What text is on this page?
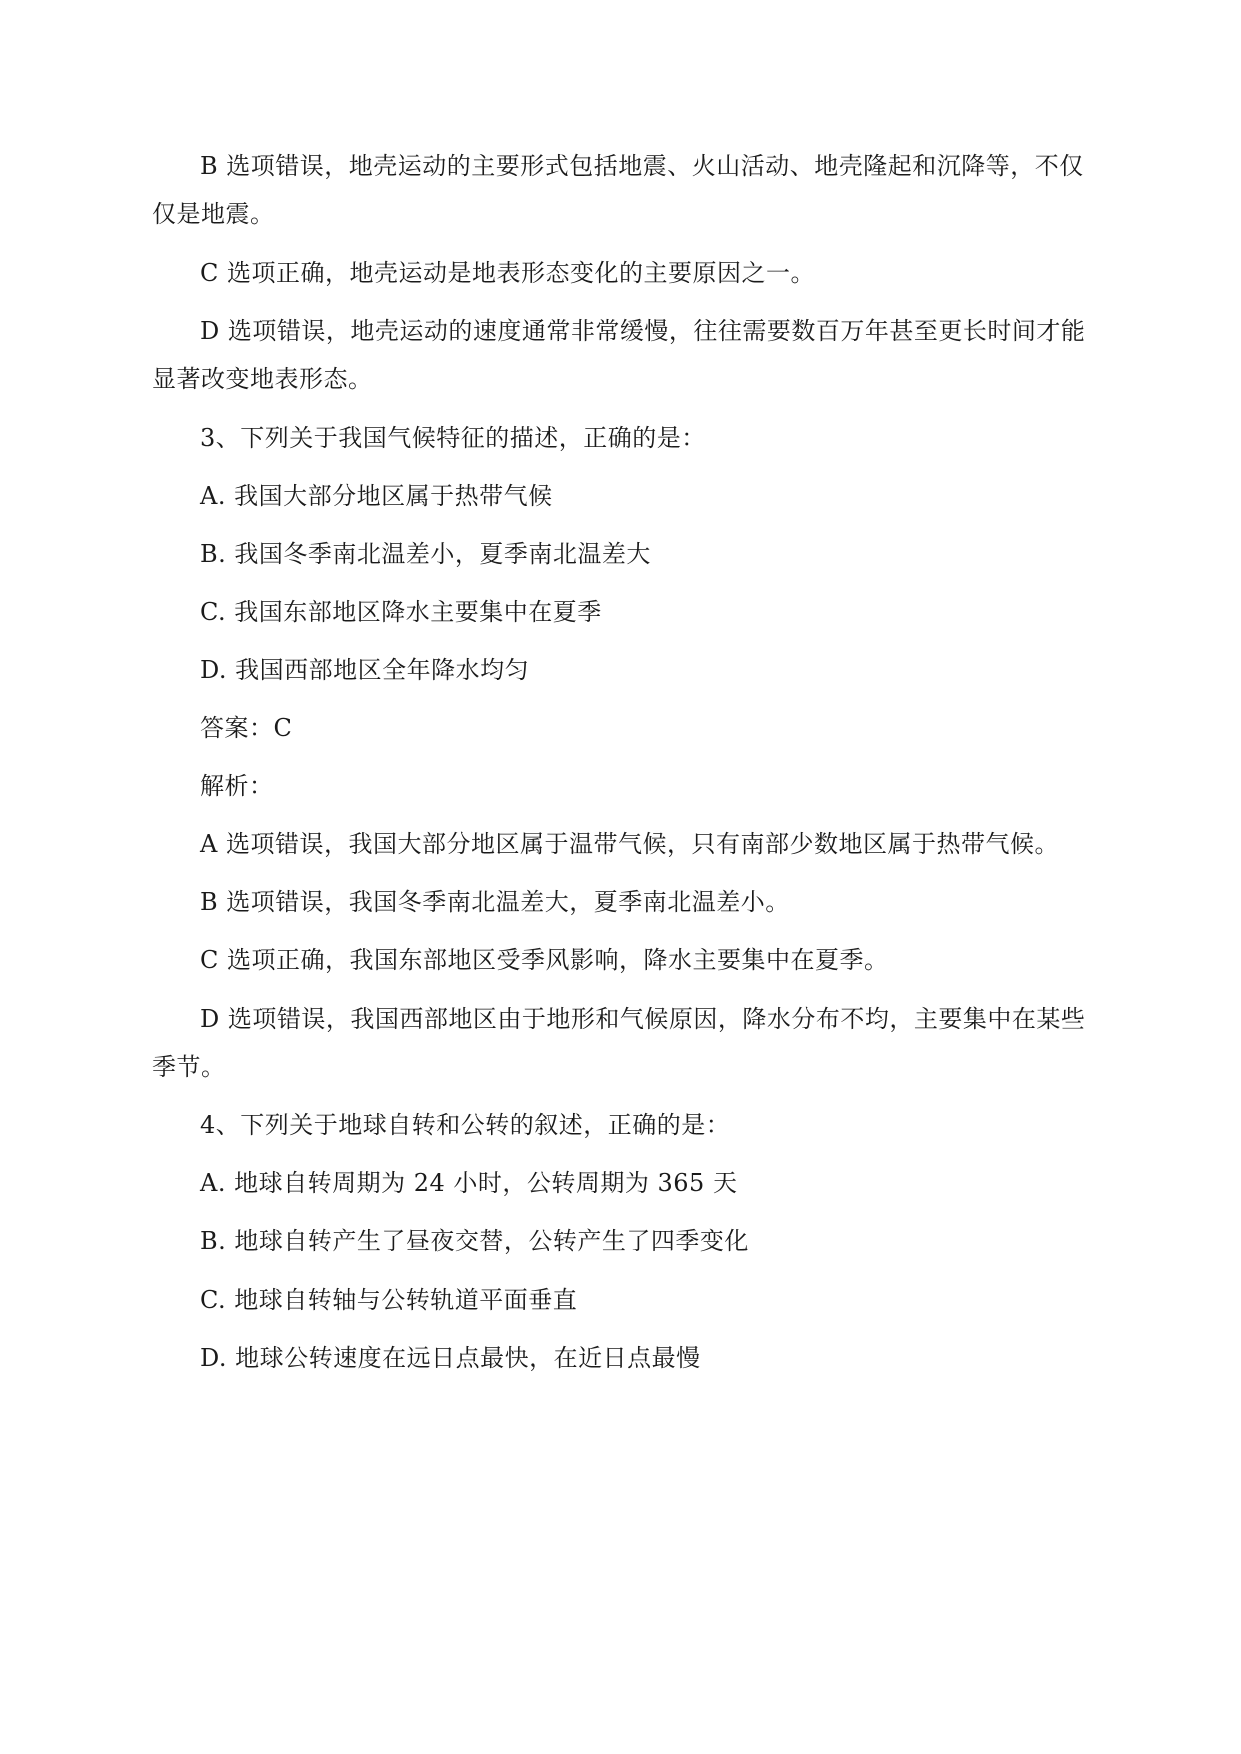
B 选项错误，地壳运动的主要形式包括地震、火山活动、地壳隆起和沉降等，不仅
仅是地震。
C 选项正确，地壳运动是地表形态变化的主要原因之一。
D 选项错误，地壳运动的速度通常非常缓慢，往往需要数百万年甚至更长时间才能
显著改变地表形态。
3、下列关于我国气候特征的描述，正确的是：
A. 我国大部分地区属于热带气候
B. 我国冬季南北温差小，夏季南北温差大
C. 我国东部地区降水主要集中在夏季
D. 我国西部地区全年降水均匀
答案：C
解析：
A 选项错误，我国大部分地区属于温带气候，只有南部少数地区属于热带气候。
B 选项错误，我国冬季南北温差大，夏季南北温差小。
C 选项正确，我国东部地区受季风影响，降水主要集中在夏季。
D 选项错误，我国西部地区由于地形和气候原因，降水分布不均，主要集中在某些
季节。
4、下列关于地球自转和公转的叙述，正确的是：
A. 地球自转周期为 24 小时，公转周期为 365 天
B. 地球自转产生了昼夜交替，公转产生了四季变化
C. 地球自转轴与公转轨道平面垂直
D. 地球公转速度在远日点最快，在近日点最慢
